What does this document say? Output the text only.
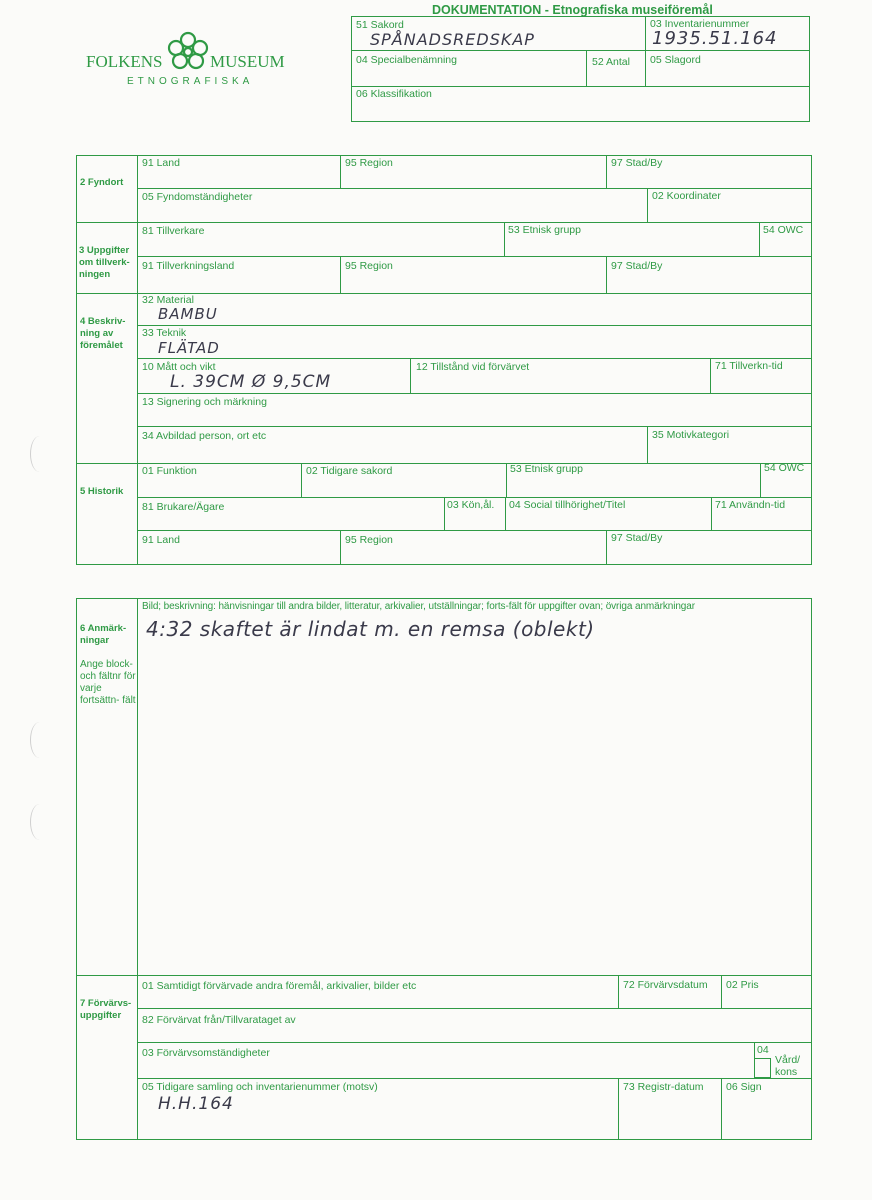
FOLKENS	MUSEUM
ETNOGRAFISKA
DOKUMENTATION - Etnografiska museiföremål
51 Sakord
SPÅNADSREDSKAP
03 Inventarienummer
1935.51.164
04 Specialbenämning	52 Antal 05 Slagord
06 Klassifikation
2 Fyndort
91 Land	95 Region	97 Stad/By
05 Fyndomständigheter	02 Koordinater
3 Uppgifter om tillverk- ningen
81 Tillverkare	53 Etnisk grupp	54 OWC
91 Tillverkningsland	95 Region	97 Stad/By
4 Beskriv- ning av föremålet
32 Material
BAMBU
33 Teknik
FLÄTAD
10 Mått och vikt
L. 39CM Ø 9,5CM
12 Tillstånd vid förvärvet	71 Tillverkn-tid
13 Signering och märkning
34 Avbildad person, ort etc	35 Motivkategori
5 Historik
01 Funktion	02 Tidigare sakord	53 Etnisk grupp	54 OWC
81 Brukare/Ägare	03 Kön,ål. 04 Social tillhörighet/Titel	71 Användn-tid
91 Land	95 Region	97 Stad/By
6 Anmärk- ningar
Ange block- och fältnr för varje fortsättn- fält
Bild; beskrivning: hänvisningar till andra bilder, litteratur, arkivalier, utställningar; forts-fält för uppgifter ovan; övriga anmärkningar
4:32 skaftet är lindat m. en remsa (oblekt)
7 Förvärvs- uppgifter
01 Samtidigt förvärvade andra föremål, arkivalier, bilder etc	72 Förvärvsdatum 02 Pris
82 Förvärvat från/Tillvarataget av
03 Förvärvsomständigheter	04
Vård/ kons
05 Tidigare samling och inventarienummer (motsv)
H.H.164
73 Registr-datum 06 Sign
